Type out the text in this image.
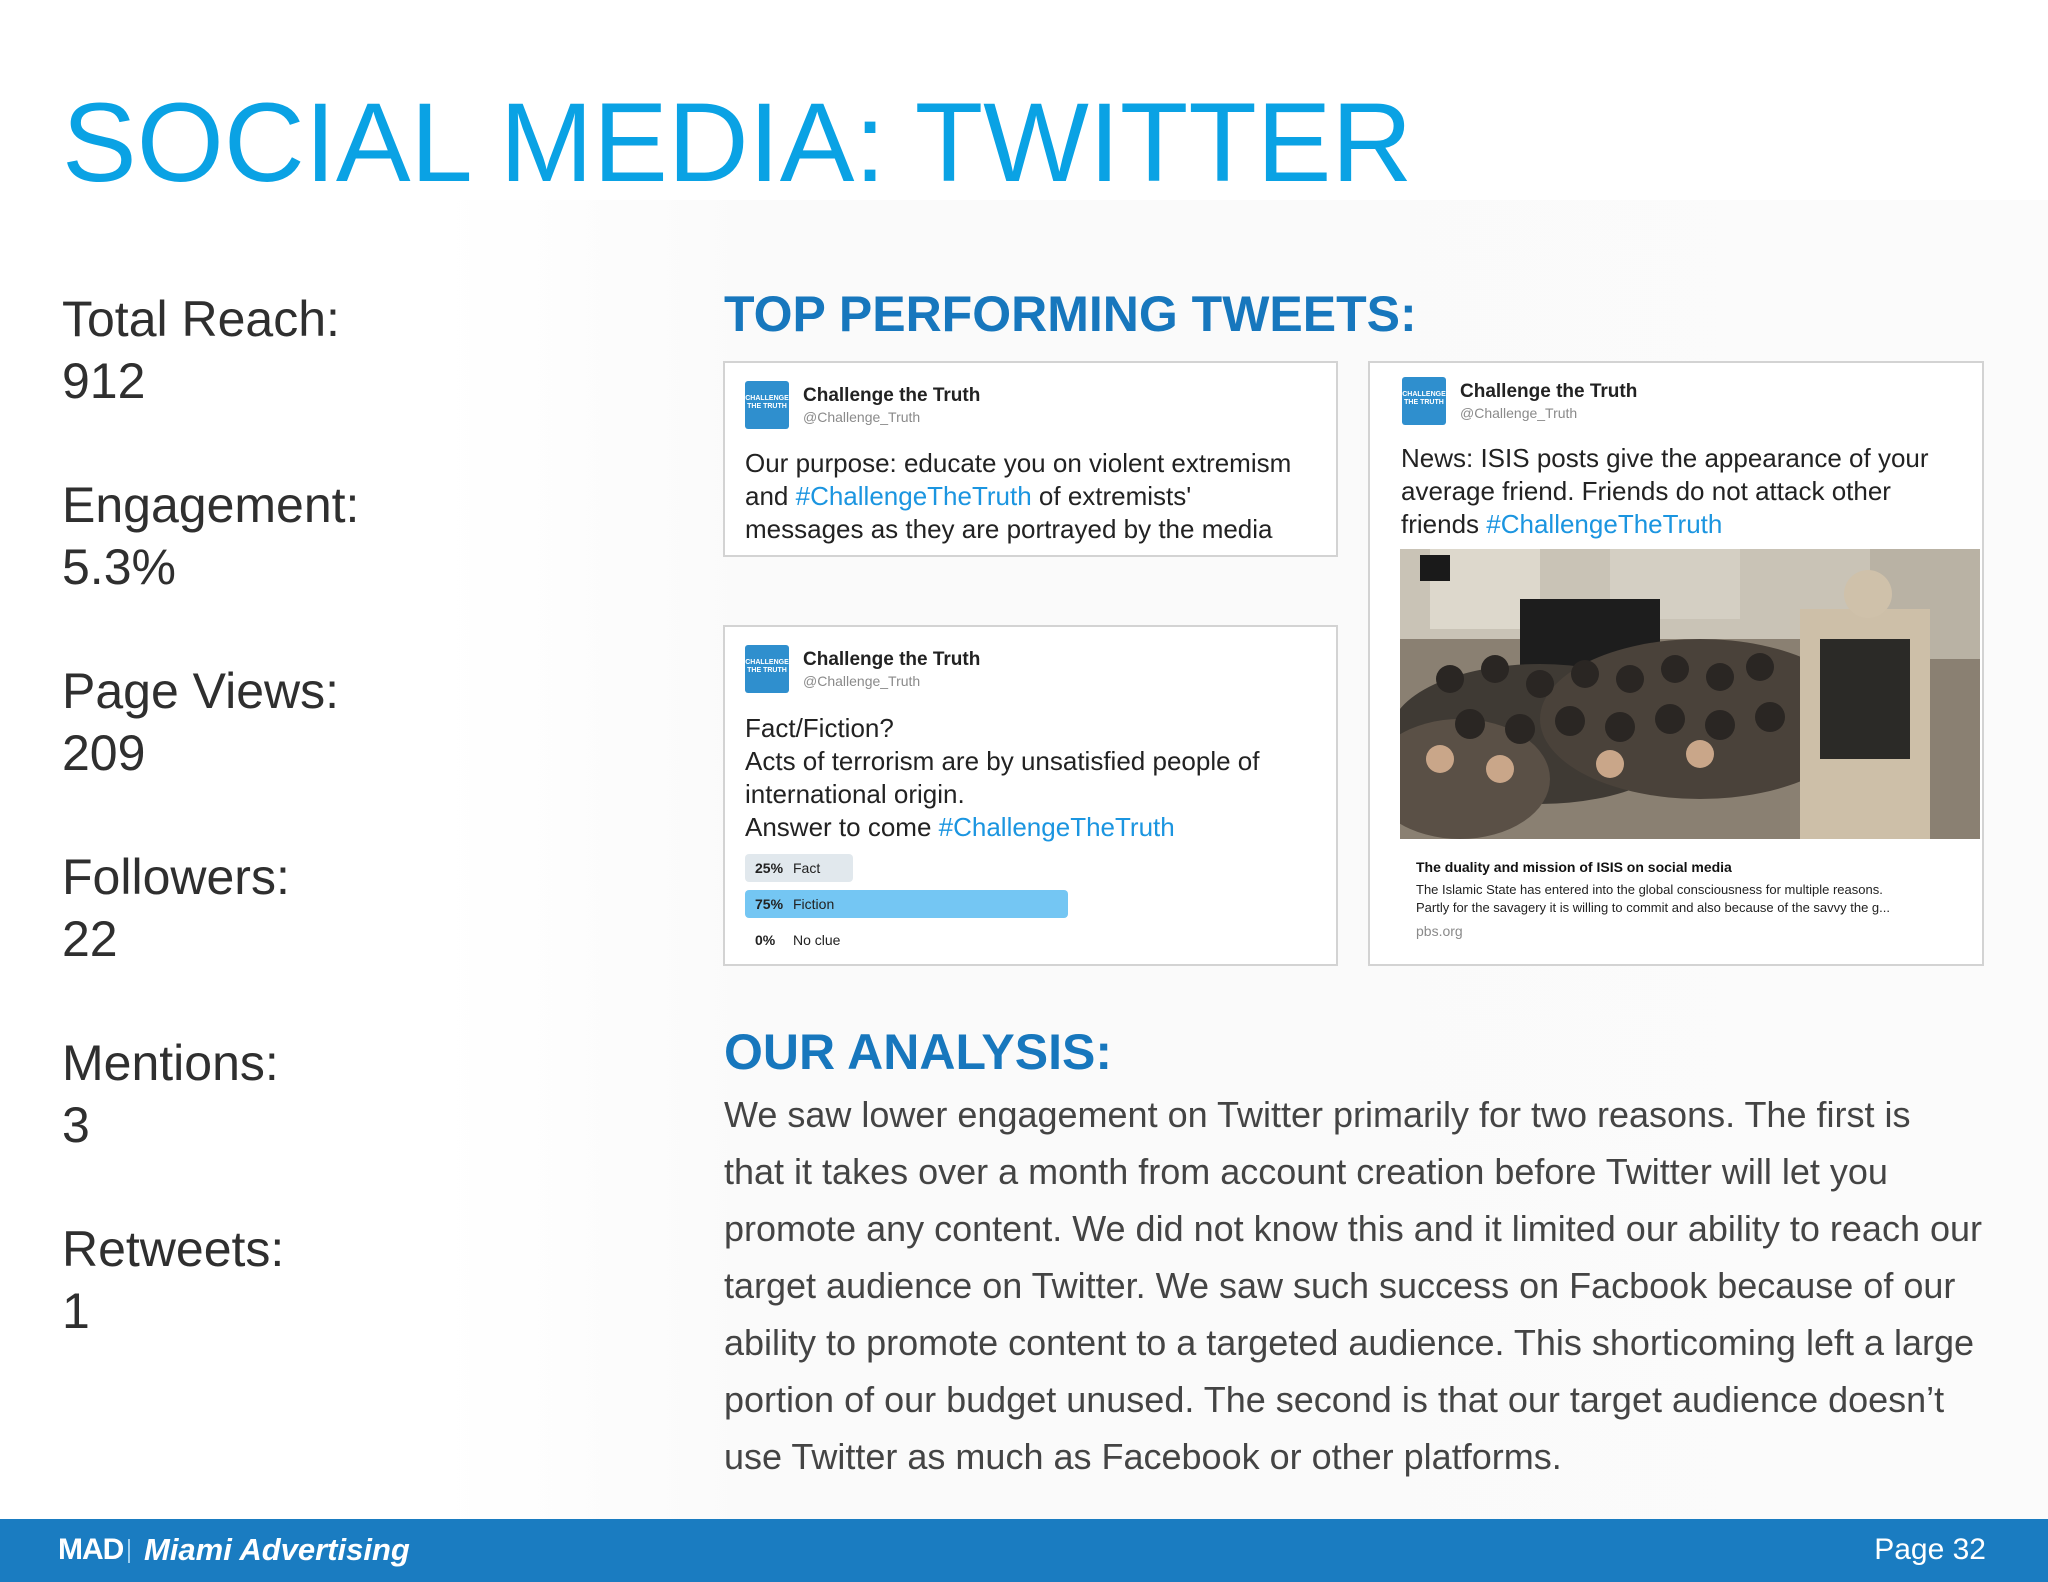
SOCIAL MEDIA: TWITTER
Total Reach:
912
Engagement:
5.3%
Page Views:
209
Followers:
22
Mentions:
3
Retweets:
1
TOP PERFORMING TWEETS:
CHALLENGE THE TRUTH
Challenge the Truth
@Challenge_Truth
Our purpose: educate you on violent extremism
and #ChallengeTheTruth of extremists'
messages as they are portrayed by the media
CHALLENGE THE TRUTH
Challenge the Truth
@Challenge_Truth
Fact/Fiction?
Acts of terrorism are by unsatisfied people of
international origin.
Answer to come #ChallengeTheTruth
25% Fact
75% Fiction
0% No clue
CHALLENGE THE TRUTH
Challenge the Truth
@Challenge_Truth
News: ISIS posts give the appearance of your
average friend. Friends do not attack other
friends #ChallengeTheTruth
The duality and mission of ISIS on social media
The Islamic State has entered into the global consciousness for multiple reasons.
Partly for the savagery it is willing to commit and also because of the savvy the g...
pbs.org
OUR ANALYSIS:
We saw lower engagement on Twitter primarily for two reasons. The first is
that it takes over a month from account creation before Twitter will let you
promote any content. We did not know this and it limited our ability to reach our
target audience on Twitter. We saw such success on Facbook because of our
ability to promote content to a targeted audience. This shorticoming left a large
portion of our budget unused. The second is that our target audience doesn’t
use Twitter as much as Facebook or other platforms.
MAD Miami Advertising	Page 32
